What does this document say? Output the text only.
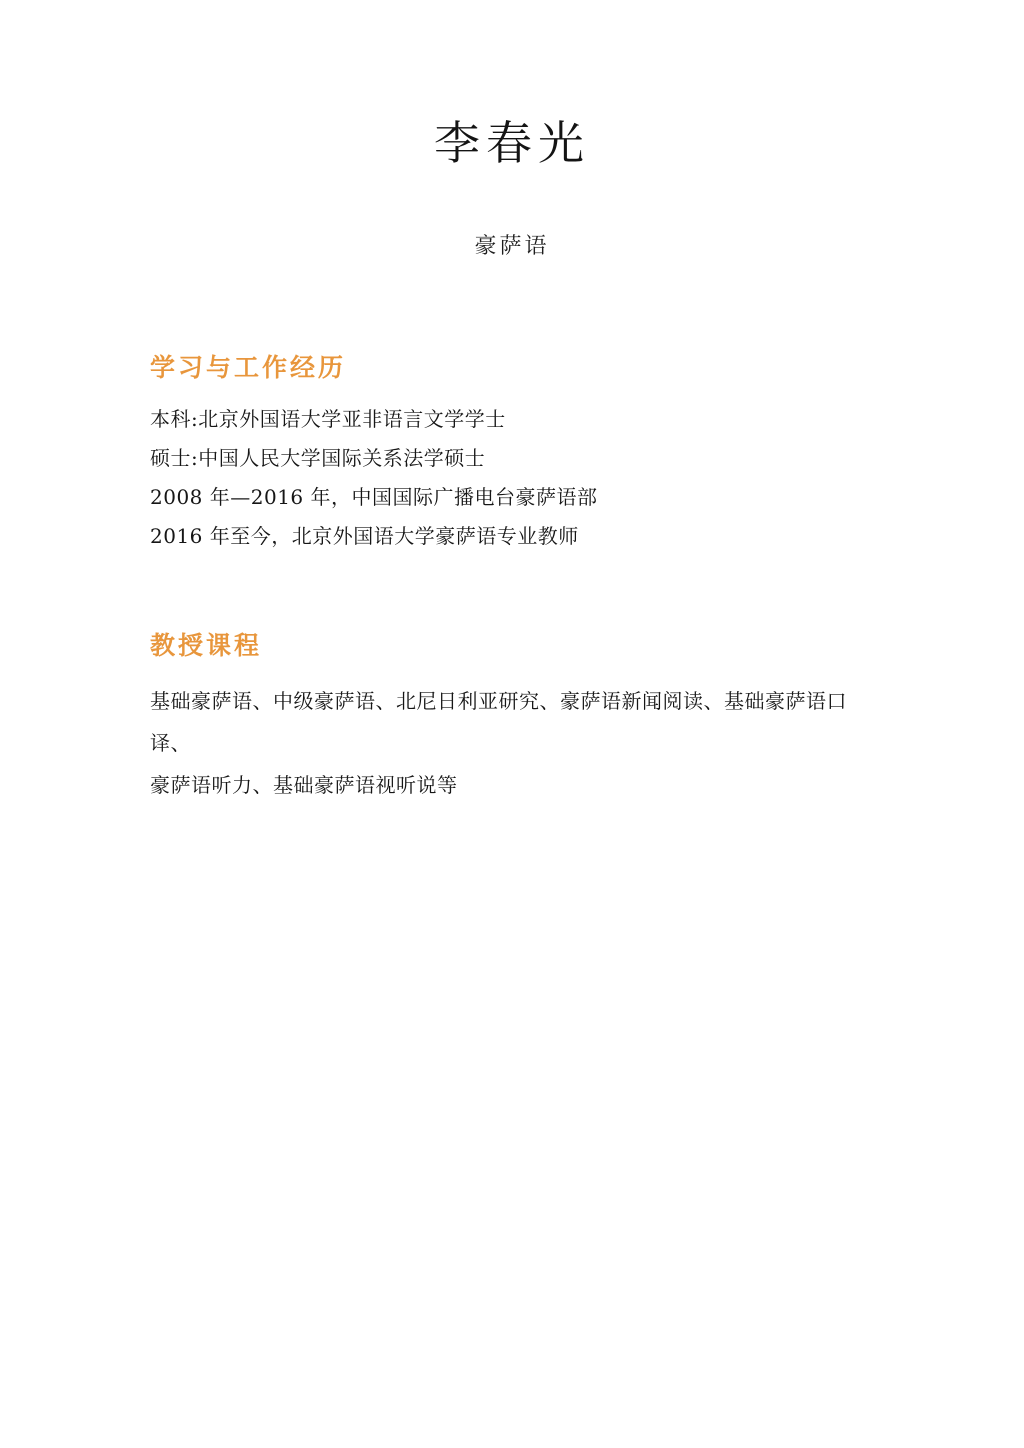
李春光
豪萨语
学习与工作经历
本科:北京外国语大学亚非语言文学学士
硕士:中国人民大学国际关系法学硕士
2008 年—2016 年，中国国际广播电台豪萨语部
2016 年至今，北京外国语大学豪萨语专业教师
教授课程
基础豪萨语、中级豪萨语、北尼日利亚研究、豪萨语新闻阅读、基础豪萨语口译、
豪萨语听力、基础豪萨语视听说等
